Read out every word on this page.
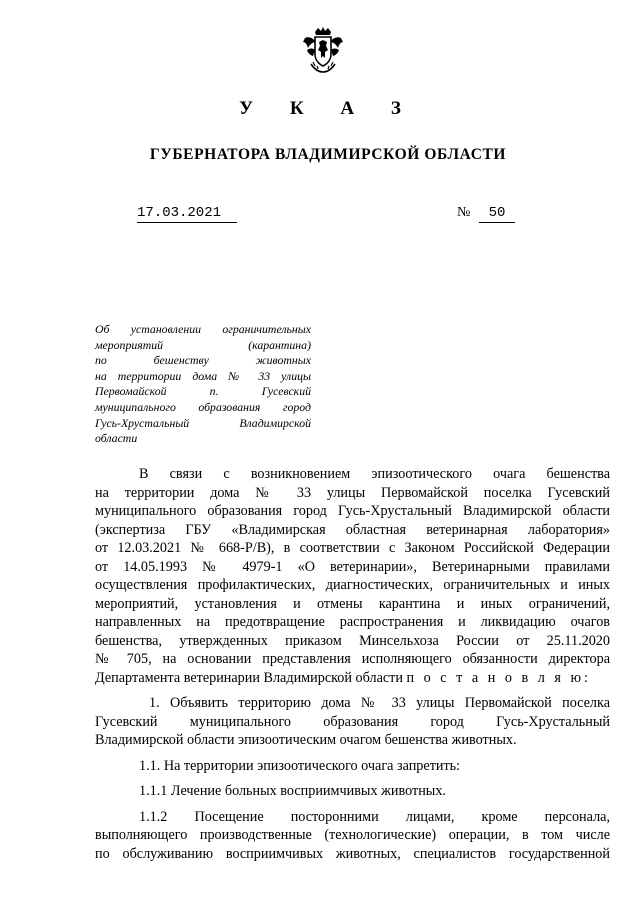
У К А З
ГУБЕРНАТОРА ВЛАДИМИРСКОЙ ОБЛАСТИ
17.03.2021	№	50
Об установлении ограничительных
мероприятий (карантина)
по бешенству животных
на территории дома № 33 улицы
Первомайской п. Гусевский
муниципального образования город
Гусь-Хрустальный Владимирской
области
В связи с возникновением эпизоотического очага бешенства
на территории дома № 33 улицы Первомайской поселка Гусевский
муниципального образования город Гусь-Хрустальный Владимирской области
(экспертиза ГБУ «Владимирская областная ветеринарная лаборатория»
от 12.03.2021 № 668-Р/В), в соответствии с Законом Российской Федерации
от 14.05.1993 № 4979-1 «О ветеринарии», Ветеринарными правилами
осуществления профилактических, диагностических, ограничительных и иных
мероприятий, установления и отмены карантина и иных ограничений,
направленных на предотвращение распространения и ликвидацию очагов
бешенства, утвержденных приказом Минсельхоза России от 25.11.2020
№ 705, на основании представления исполняющего обязанности директора
Департамента ветеринарии Владимирской области п о с т а н о в л я ю:
1. Объявить территорию дома № 33 улицы Первомайской поселка
Гусевский муниципального образования город Гусь-Хрустальный
Владимирской области эпизоотическим очагом бешенства животных.
1.1. На территории эпизоотического очага запретить:
1.1.1 Лечение больных восприимчивых животных.
1.1.2 Посещение посторонними лицами, кроме персонала,
выполняющего производственные (технологические) операции, в том числе
по обслуживанию восприимчивых животных, специалистов государственной
